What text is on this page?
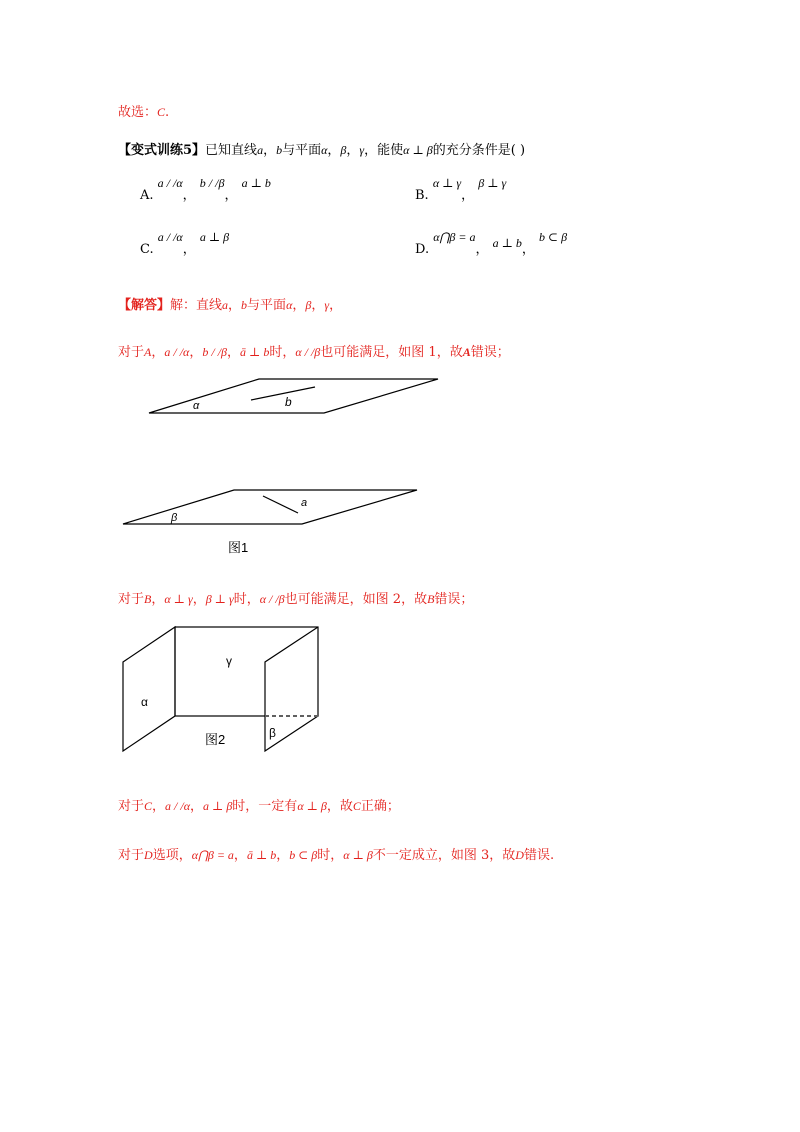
故选：C.
【变式训练5】已知直线a，b与平面α，β，γ，能使α ⊥ β的充分条件是( )
A. a / /α， b / /β， a ⊥ b
B. α ⊥ γ， β ⊥ γ
C. a / /α， a ⊥ β
D. α⋂β = a， a ⊥ b， b ⊂ β
【解答】解：直线a，b与平面α，β，γ，
对于A，a / /α，b / /β，ā ⊥ b时，α / /β也可能满足，如图 1，故A错误；
α	b
β
a
图1
对于B，α ⊥ γ，β ⊥ γ时，α / /β也可能满足，如图 2，故B错误；
α
γ
β
图2
对于C，a / /α，a ⊥ β时，一定有α ⊥ β，故C正确；
对于D选项，α⋂β = a，ā ⊥ b，b ⊂ β时，α ⊥ β不一定成立，如图 3，故D错误.
